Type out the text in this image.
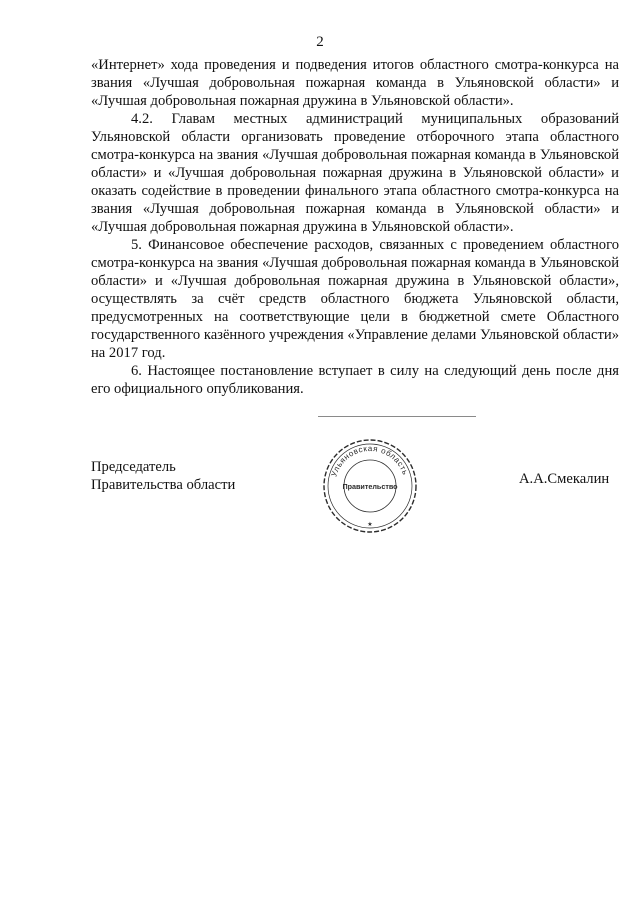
2

«Интернет» хода проведения и подведения итогов областного смотра-конкурса на звания «Лучшая добровольная пожарная команда в Ульяновской области» и «Лучшая добровольная пожарная дружина в Ульяновской области».

4.2. Главам местных администраций муниципальных образований Ульяновской области организовать проведение отборочного этапа областного смотра-конкурса на звания «Лучшая добровольная пожарная команда в Ульяновской области» и «Лучшая добровольная пожарная дружина в Ульяновской области» и оказать содействие в проведении финального этапа областного смотра-конкурса на звания «Лучшая добровольная пожарная команда в Ульяновской области» и «Лучшая добровольная пожарная дружина в Ульяновской области».

5. Финансовое обеспечение расходов, связанных с проведением областного смотра-конкурса на звания «Лучшая добровольная пожарная команда в Ульяновской области» и «Лучшая добровольная пожарная дружина в Ульяновской области», осуществлять за счёт средств областного бюджета Ульяновской области, предусмотренных на соответствующие цели в бюджетной смете Областного государственного казённого учреждения «Управление делами Ульяновской области» на 2017 год.

6. Настоящее постановление вступает в силу на следующий день после дня его официального опубликования.

Председатель
Правительства области
Ульяновская область
Правительство
★
А.А.Смекалин
